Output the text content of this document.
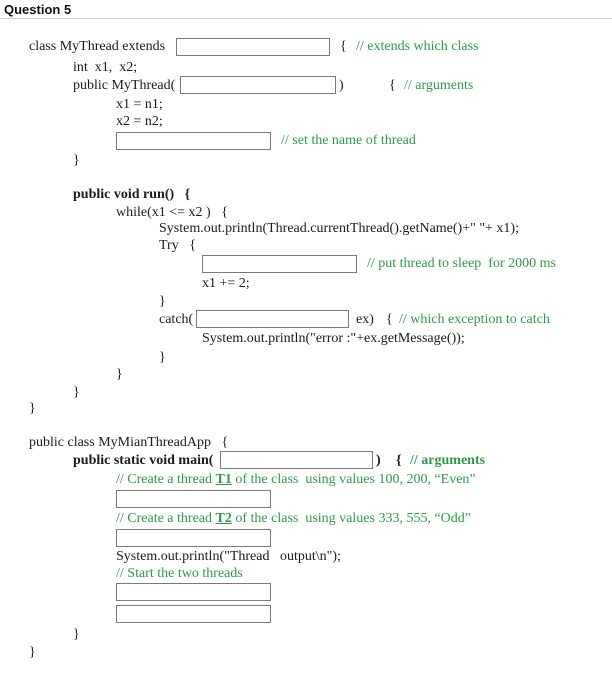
Question 5
class MyThread extends	{ // extends which class
int  x1,  x2;
public MyThread(	)	{ // arguments
x1 = n1;
x2 = n2;
// set the name of thread
}
public void run()   {
while(x1 <= x2 )   {
System.out.println(Thread.currentThread().getName()+" "+ x1);
Try   {
// put thread to sleep  for 2000 ms
x1 += 2;
}
catch(	ex) { // which exception to catch
System.out.println("error :"+ex.getMessage());
}
}
}
}
public class MyMianThreadApp   {
public static void main(	) { // arguments
// Create a thread T1 of the class  using values 100, 200, “Even”
// Create a thread T2 of the class  using values 333, 555, “Odd”
System.out.println("Thread   output\n");
// Start the two threads
}
}
